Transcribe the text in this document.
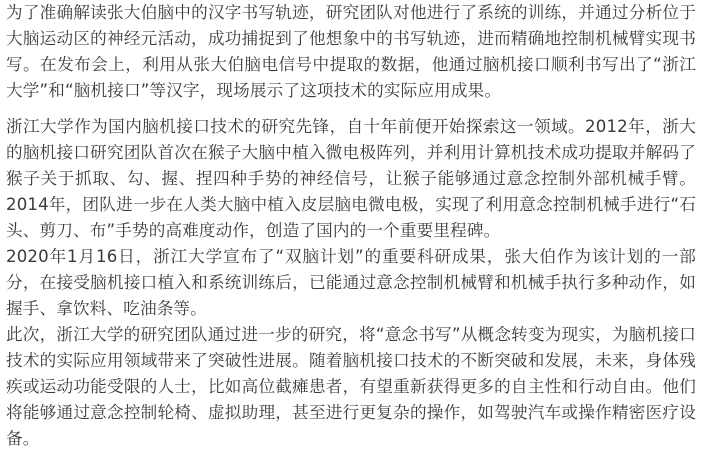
为了准确解读张大伯脑中的汉字书写轨迹，研究团队对他进行了系统的训练，并通过分析位于大脑运动区的神经元活动，成功捕捉到了他想象中的书写轨迹，进而精确地控制机械臂实现书写。在发布会上，利用从张大伯脑电信号中提取的数据，他通过脑机接口顺利书写出了“浙江大学”和“脑机接口”等汉字，现场展示了这项技术的实际应用成果。

浙江大学作为国内脑机接口技术的研究先锋，自十年前便开始探索这一领域。2012年，浙大的脑机接口研究团队首次在猴子大脑中植入微电极阵列，并利用计算机技术成功提取并解码了猴子关于抓取、勾、握、捏四种手势的神经信号，让猴子能够通过意念控制外部机械手臂。2014年，团队进一步在人类大脑中植入皮层脑电微电极，实现了利用意念控制机械手进行“石头、剪刀、布”手势的高难度动作，创造了国内的一个重要里程碑。

2020年1月16日，浙江大学宣布了“双脑计划”的重要科研成果，张大伯作为该计划的一部分，在接受脑机接口植入和系统训练后，已能通过意念控制机械臂和机械手执行多种动作，如握手、拿饮料、吃油条等。

此次，浙江大学的研究团队通过进一步的研究，将“意念书写”从概念转变为现实，为脑机接口技术的实际应用领域带来了突破性进展。随着脑机接口技术的不断突破和发展，未来，身体残疾或运动功能受限的人士，比如高位截瘫患者，有望重新获得更多的自主性和行动自由。他们将能够通过意念控制轮椅、虚拟助理，甚至进行更复杂的操作，如驾驶汽车或操作精密医疗设备。
